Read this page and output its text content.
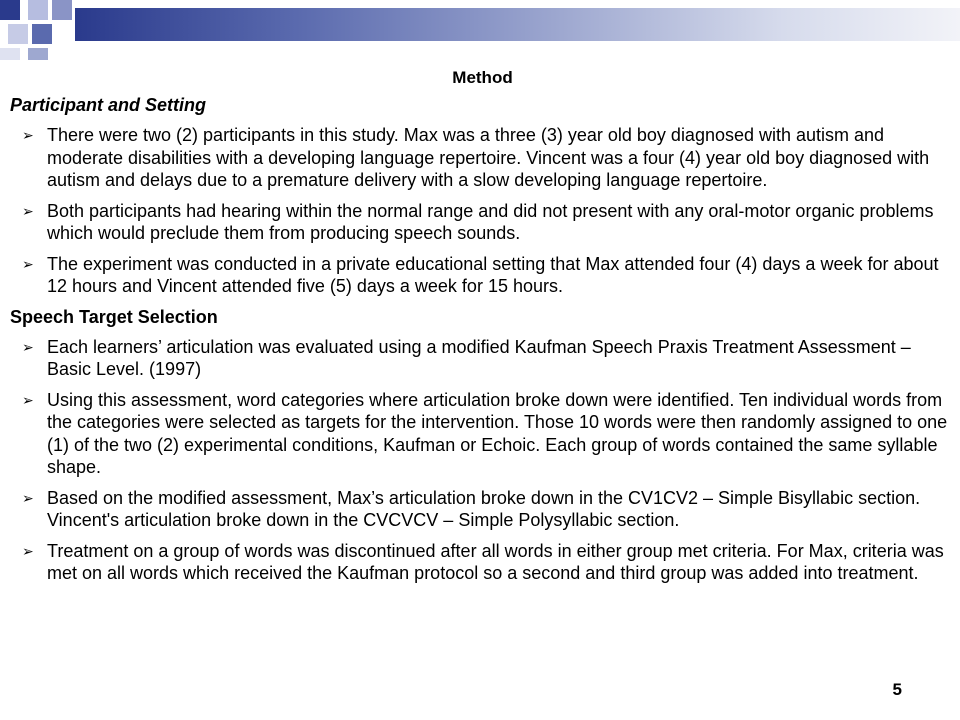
Method
Participant and Setting
➢ There were two (2) participants in this study. Max was a three (3) year old boy diagnosed with autism and moderate disabilities with a developing language repertoire. Vincent was a four (4) year old boy diagnosed with autism and delays due to a premature delivery with a slow developing language repertoire.
➢ Both participants had hearing within the normal range and did not present with any oral-motor organic problems which would preclude them from producing speech sounds.
➢ The experiment was conducted in a private educational setting that Max attended four (4) days a week for about 12 hours and Vincent attended five (5) days a week for 15 hours.
Speech Target Selection
➢ Each learners’ articulation was evaluated using a modified Kaufman Speech Praxis Treatment Assessment – Basic Level. (1997)
➢ Using this assessment, word categories where articulation broke down were identified. Ten individual words from the categories were selected as targets for the intervention. Those 10 words were then randomly assigned to one (1) of the two (2) experimental conditions, Kaufman or Echoic. Each group of words contained the same syllable shape.
➢ Based on the modified assessment, Max’s articulation broke down in the CV1CV2 – Simple Bisyllabic section. Vincent's articulation broke down in the CVCVCV – Simple Polysyllabic section.
➢ Treatment on a group of words was discontinued after all words in either group met criteria. For Max, criteria was met on all words which received the Kaufman protocol so a second and third group was added into treatment.
5
